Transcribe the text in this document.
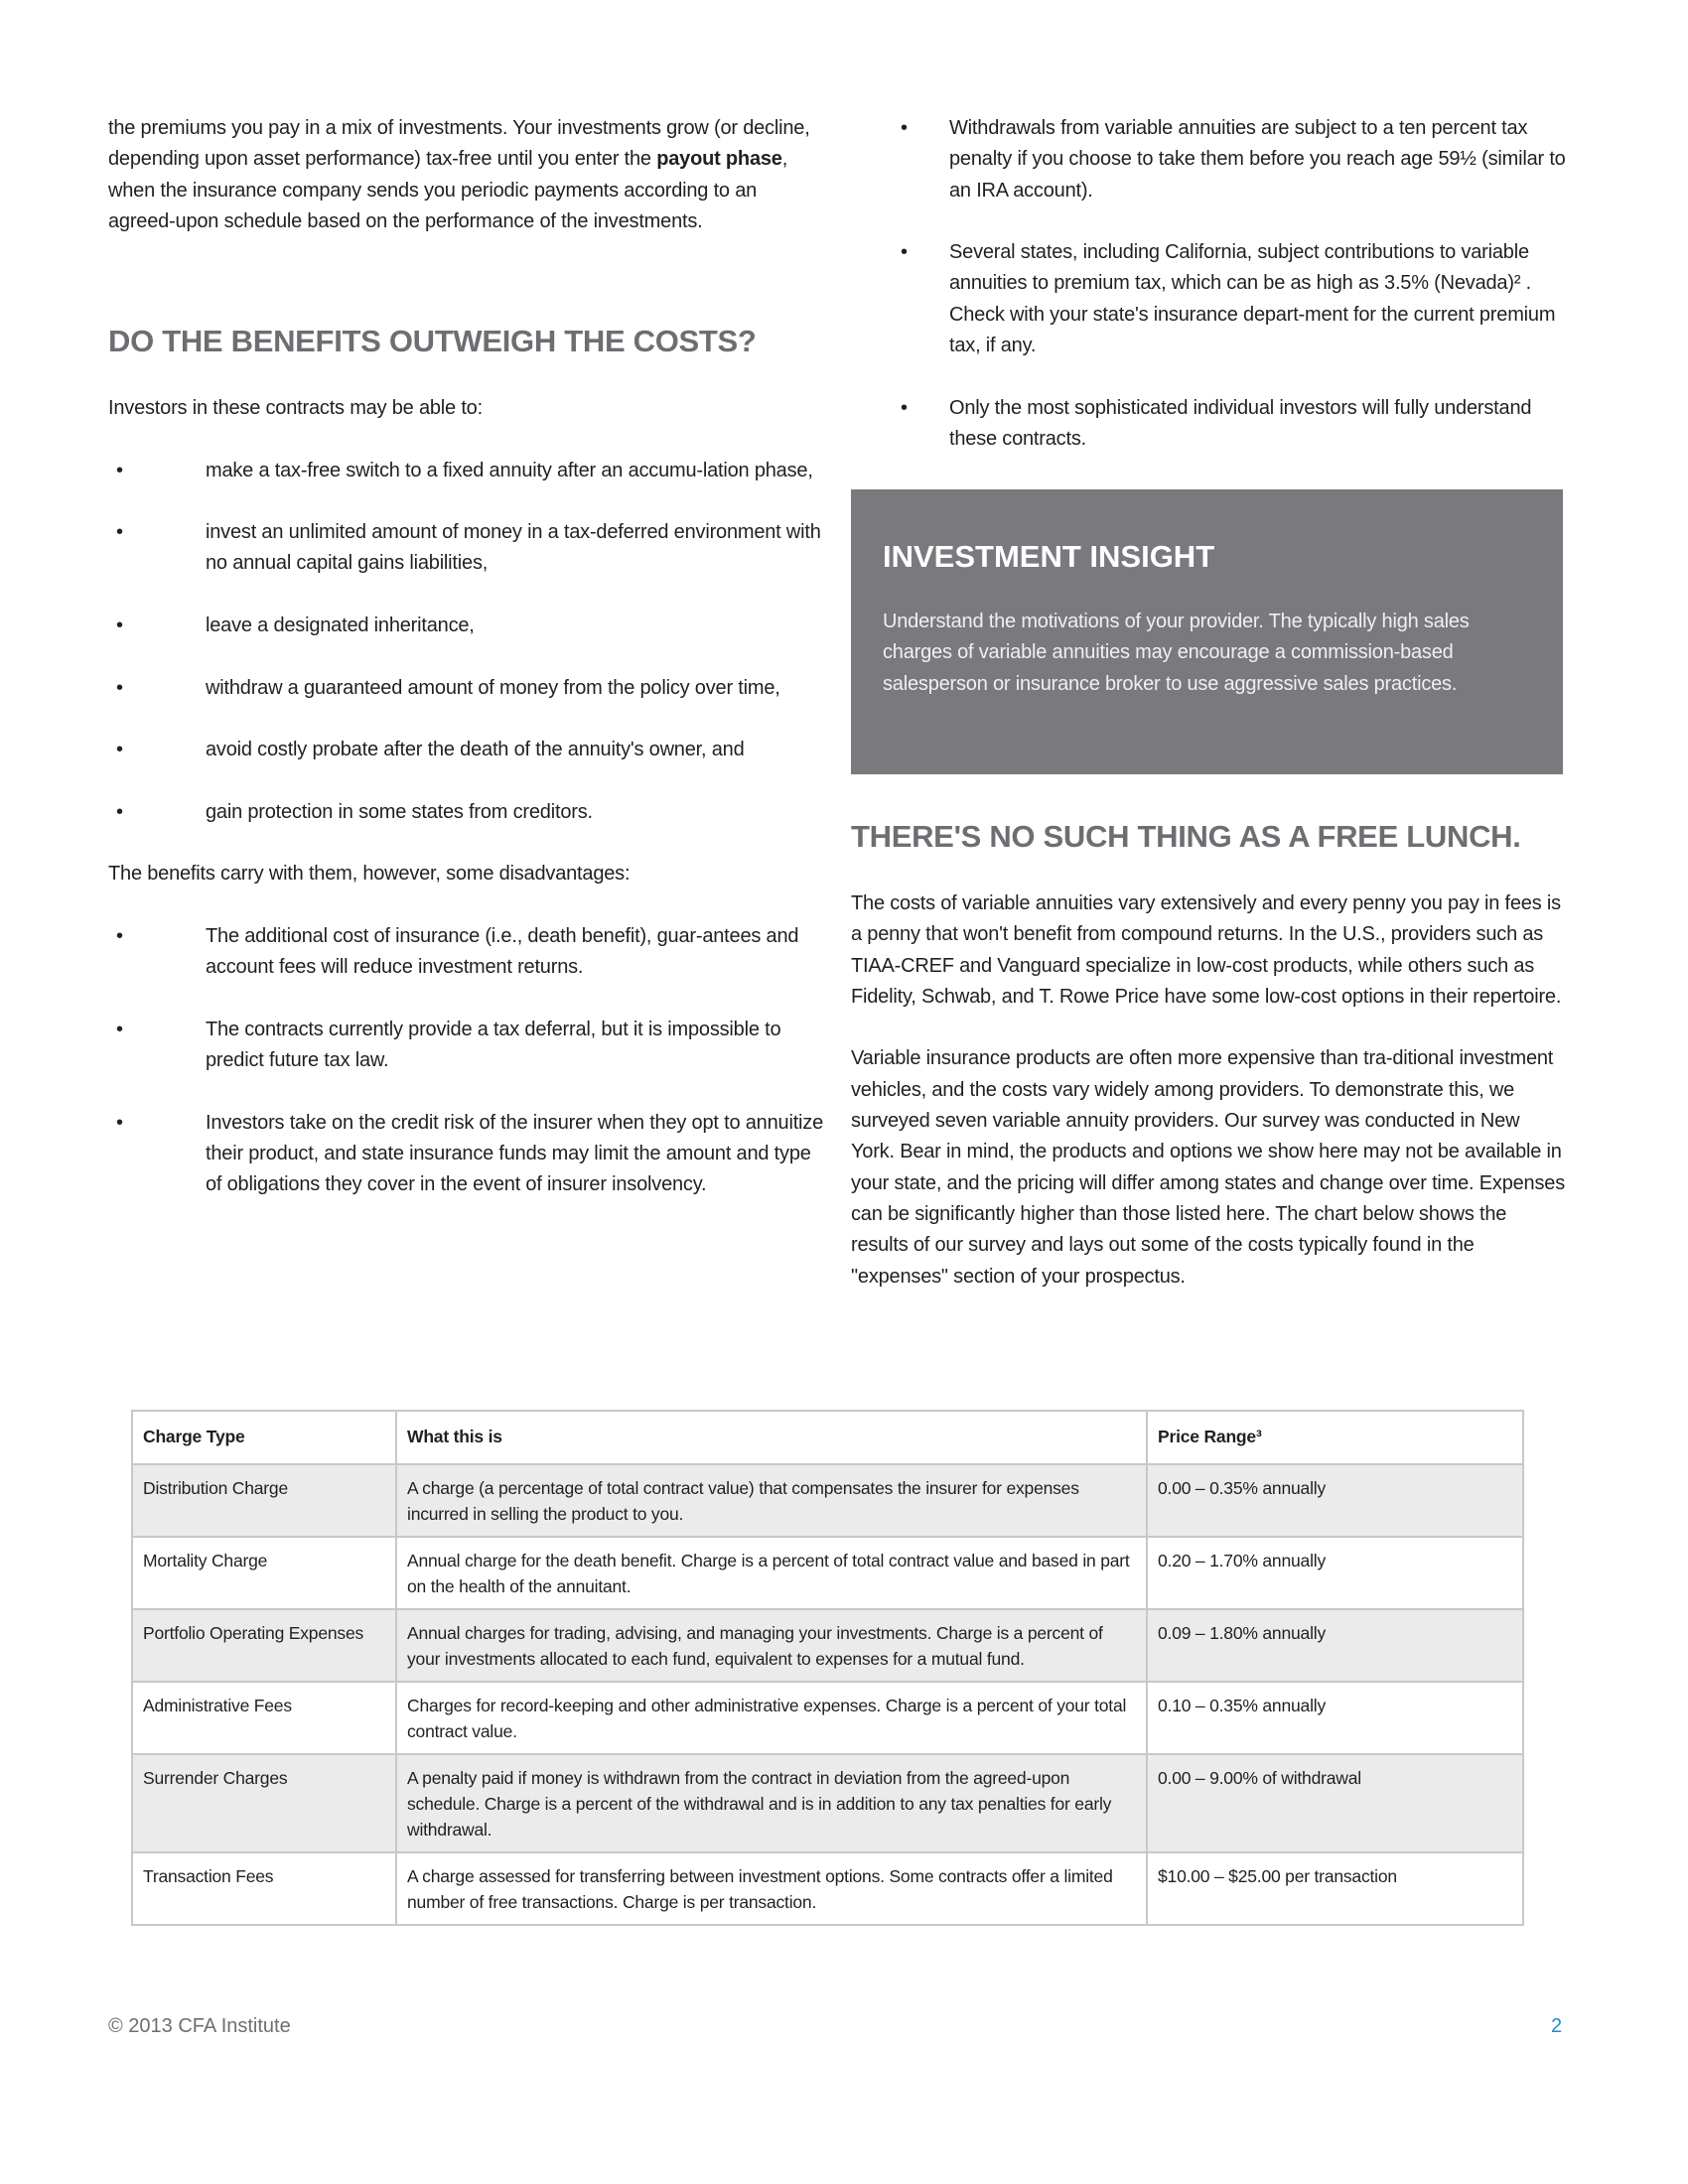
the premiums you pay in a mix of investments. Your investments grow (or decline, depending upon asset performance) tax-free until you enter the payout phase, when the insurance company sends you periodic payments according to an agreed-upon schedule based on the performance of the investments.
DO THE BENEFITS OUTWEIGH THE COSTS?

Investors in these contracts may be able to:

•	make a tax-free switch to a fixed annuity after an accumu-lation phase,
•	invest an unlimited amount of money in a tax-deferred environment with no annual capital gains liabilities,
•	leave a designated inheritance,
•	withdraw a guaranteed amount of money from the policy over time,
•	avoid costly probate after the death of the annuity's owner, and
•	gain protection in some states from creditors.

The benefits carry with them, however, some disadvantages:

•	The additional cost of insurance (i.e., death benefit), guar-antees and account fees will reduce investment returns.
•	The contracts currently provide a tax deferral, but it is impossible to predict future tax law.
•	Investors take on the credit risk of the insurer when they opt to annuitize their product, and state insurance funds may limit the amount and type of obligations they cover in the event of insurer insolvency.
• Withdrawals from variable annuities are subject to a ten percent tax penalty if you choose to take them before you reach age 59½ (similar to an IRA account).
• Several states, including California, subject contributions to variable annuities to premium tax, which can be as high as 3.5% (Nevada)² . Check with your state's insurance depart-ment for the current premium tax, if any.
• Only the most sophisticated individual investors will fully understand these contracts.
INVESTMENT INSIGHT
Understand the motivations of your provider. The typically high sales charges of variable annuities may encourage a commission-based salesperson or insurance broker to use aggressive sales practices.
THERE'S NO SUCH THING AS A FREE LUNCH.

The costs of variable annuities vary extensively and every penny you pay in fees is a penny that won't benefit from compound returns. In the U.S., providers such as TIAA-CREF and Vanguard specialize in low-cost products, while others such as Fidelity, Schwab, and T. Rowe Price have some low-cost options in their repertoire.

Variable insurance products are often more expensive than tra-ditional investment vehicles, and the costs vary widely among providers. To demonstrate this, we surveyed seven variable annuity providers. Our survey was conducted in New York. Bear in mind, the products and options we show here may not be available in your state, and the pricing will differ among states and change over time. Expenses can be significantly higher than those listed here. The chart below shows the results of our survey and lays out some of the costs typically found in the "expenses" section of your prospectus.

Charge Type	What this is	Price Range³
Distribution Charge	A charge (a percentage of total contract value) that compensates the insurer for expenses incurred in selling the product to you.	0.00 – 0.35% annually
Mortality Charge	Annual charge for the death benefit. Charge is a percent of total contract value and based in part on the health of the annuitant.	0.20 – 1.70% annually
Portfolio Operating Expenses	Annual charges for trading, advising, and managing your investments. Charge is a percent of your investments allocated to each fund, equivalent to expenses for a mutual fund.	0.09 – 1.80% annually
Administrative Fees	Charges for record-keeping and other administrative expenses. Charge is a percent of your total contract value.	0.10 – 0.35% annually
Surrender Charges	A penalty paid if money is withdrawn from the contract in deviation from the agreed-upon schedule. Charge is a percent of the withdrawal and is in addition to any tax penalties for early withdrawal.	0.00 – 9.00% of withdrawal
Transaction Fees	A charge assessed for transferring between investment options. Some contracts offer a limited number of free transactions. Charge is per transaction.	$10.00 – $25.00 per transaction
© 2013 CFA Institute	2
